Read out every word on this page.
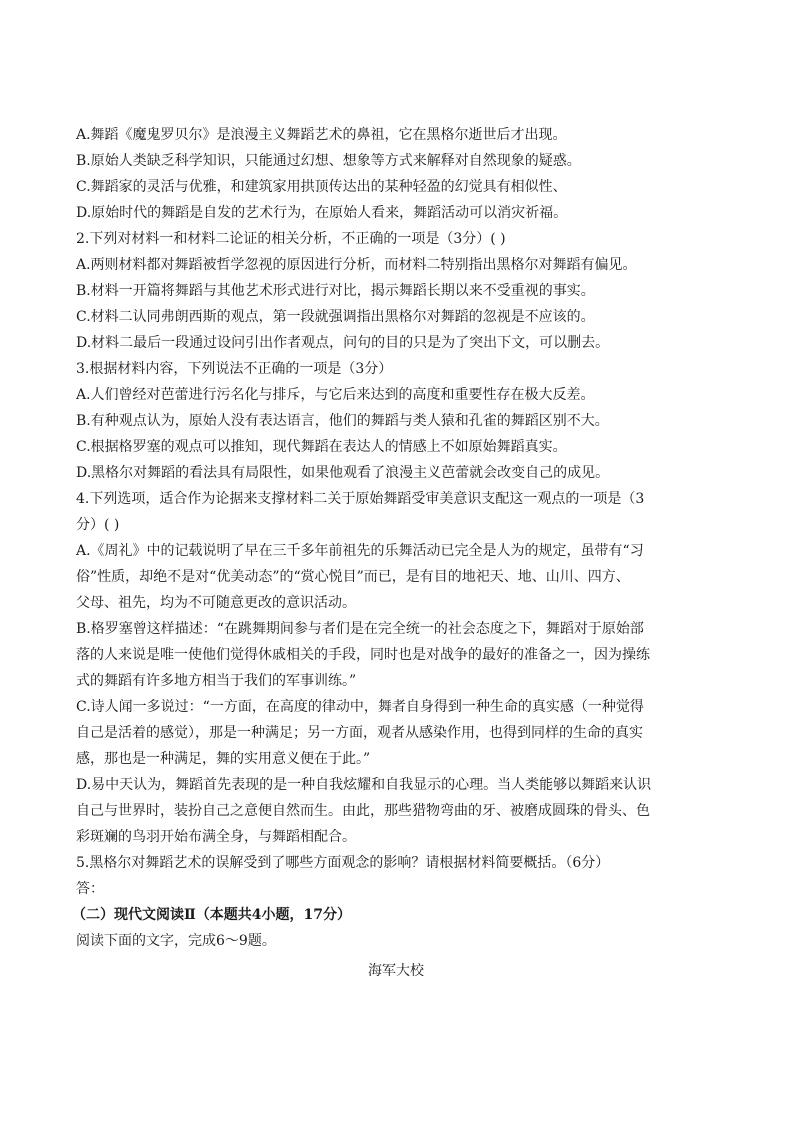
A.舞蹈《魔鬼罗贝尔》是浪漫主义舞蹈艺术的鼻祖，它在黑格尔逝世后才出现。
B.原始人类缺乏科学知识，只能通过幻想、想象等方式来解释对自然现象的疑惑。
C.舞蹈家的灵活与优雅，和建筑家用拱顶传达出的某种轻盈的幻觉具有相似性、
D.原始时代的舞蹈是自发的艺术行为，在原始人看来，舞蹈活动可以消灾祈福。
2.下列对材料一和材料二论证的相关分析，不正确的一项是（3分）( )
A.两则材料都对舞蹈被哲学忽视的原因进行分析，而材料二特别指出黑格尔对舞蹈有偏见。
B.材料一开篇将舞蹈与其他艺术形式进行对比，揭示舞蹈长期以来不受重视的事实。
C.材料二认同弗朗西斯的观点，第一段就强调指出黑格尔对舞蹈的忽视是不应该的。
D.材料二最后一段通过设问引出作者观点，问句的目的只是为了突出下文，可以删去。
3.根据材料内容，下列说法不正确的一项是（3分）
A.人们曾经对芭蕾进行污名化与排斥，与它后来达到的高度和重要性存在极大反差。
B.有种观点认为，原始人没有表达语言，他们的舞蹈与类人猿和孔雀的舞蹈区别不大。
C.根据格罗塞的观点可以推知，现代舞蹈在表达人的情感上不如原始舞蹈真实。
D.黑格尔对舞蹈的看法具有局限性，如果他观看了浪漫主义芭蕾就会改变自己的成见。
4.下列选项，适合作为论据来支撑材料二关于原始舞蹈受审美意识支配这一观点的一项是（3
分）( )
A.《周礼》中的记载说明了早在三千多年前祖先的乐舞活动已完全是人为的规定，虽带有“习
俗”性质，却绝不是对“优美动态”的“赏心悦目”而已，是有目的地祀天、地、山川、四方、
父母、祖先，均为不可随意更改的意识活动。
B.格罗塞曾这样描述：“在跳舞期间参与者们是在完全统一的社会态度之下，舞蹈对于原始部
落的人来说是唯一使他们觉得休戚相关的手段，同时也是对战争的最好的准备之一，因为操练
式的舞蹈有许多地方相当于我们的军事训练。”
C.诗人闻一多说过：“一方面，在高度的律动中，舞者自身得到一种生命的真实感（一种觉得
自己是活着的感觉），那是一种满足；另一方面，观者从感染作用，也得到同样的生命的真实
感，那也是一种满足，舞的实用意义便在于此。”
D.易中天认为，舞蹈首先表现的是一种自我炫耀和自我显示的心理。当人类能够以舞蹈来认识
自己与世界时，装扮自己之意便自然而生。由此，那些猎物弯曲的牙、被磨成圆珠的骨头、色
彩斑斓的鸟羽开始布满全身，与舞蹈相配合。
5.黑格尔对舞蹈艺术的误解受到了哪些方面观念的影响？请根据材料简要概括。（6分）
答：
（二）现代文阅读Ⅱ（本题共4小题，17分）
阅读下面的文字，完成6～9题。
海军大校
